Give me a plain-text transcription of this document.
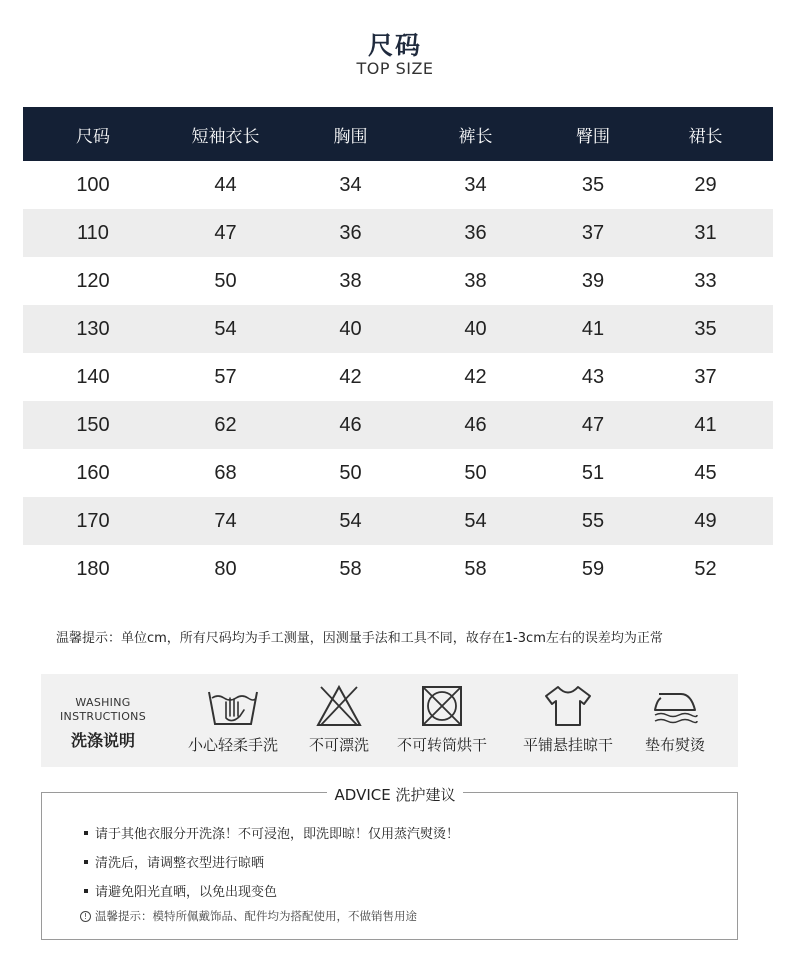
尺码
TOP SIZE
尺码	短袖衣长	胸围	裤长	臀围	裙长
100	44	34	34	35	29
110	47	36	36	37	31
120	50	38	38	39	33
130	54	40	40	41	35
140	57	42	42	43	37
150	62	46	46	47	41
160	68	50	50	51	45
170	74	54	54	55	49
180	80	58	58	59	52
温馨提示：单位cm，所有尺码均为手工测量，因测量手法和工具不同，故存在1-3cm左右的误差均为正常
WASHING
INSTRUCTIONS
洗涤说明	小心轻柔手洗	不可漂洗	不可转筒烘干	平铺悬挂晾干	垫布熨烫
ADVICE 洗护建议
请于其他衣服分开洗涤！不可浸泡，即洗即晾！仅用蒸汽熨烫！
清洗后，请调整衣型进行晾晒
请避免阳光直晒，以免出现变色
! 温馨提示：模特所佩戴饰品、配件均为搭配使用，不做销售用途
